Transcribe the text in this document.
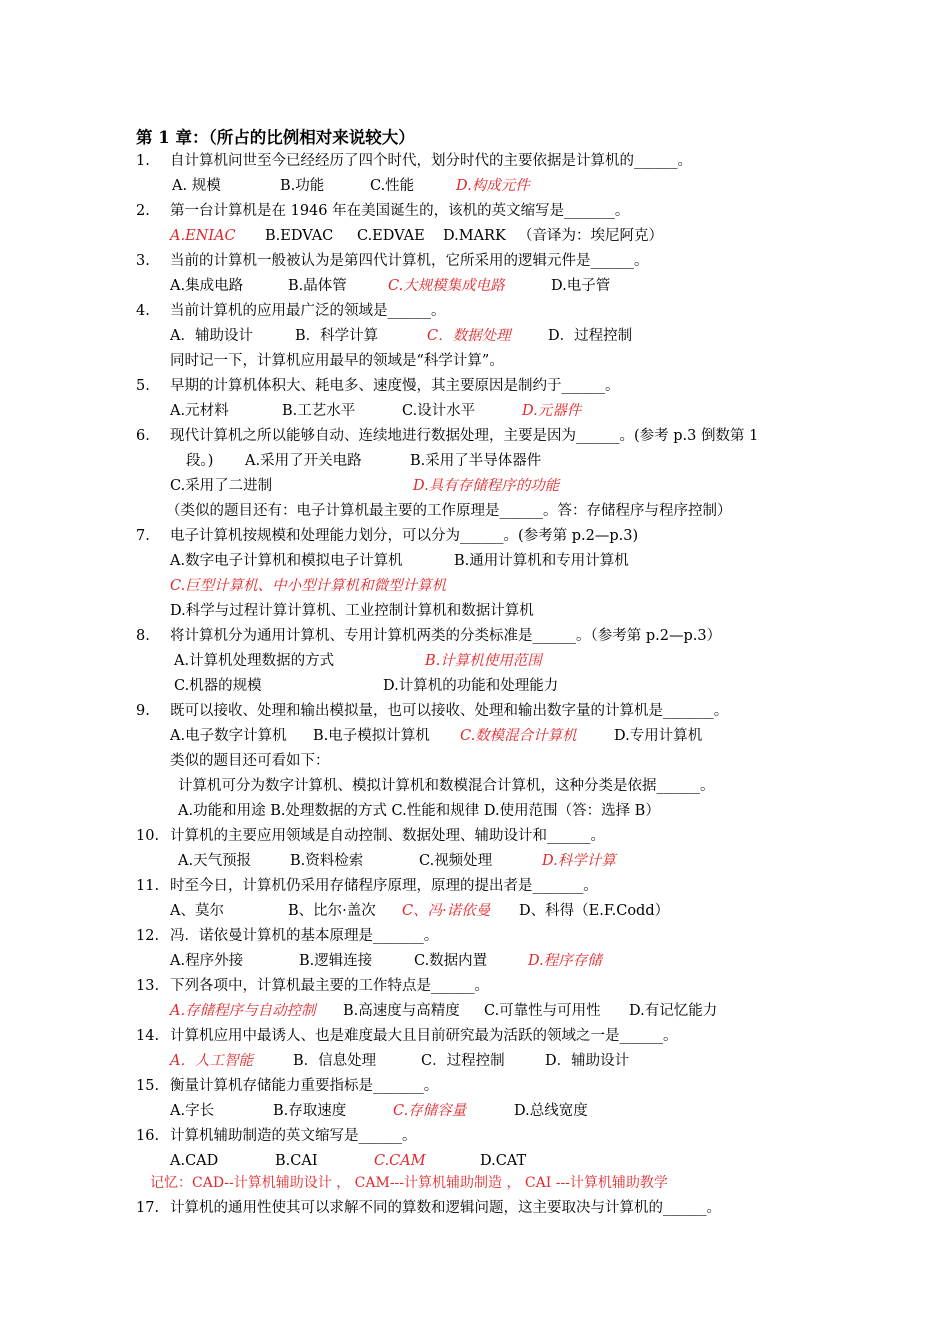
第 1 章：（所占的比例相对来说较大）
1. 自计算机问世至今已经经历了四个时代，划分时代的主要依据是计算机的______。
A. 规模	B.功能	C.性能	D.构成元件
2. 第一台计算机是在 1946 年在美国诞生的，该机的英文缩写是_______。
A.ENIAC B.EDVAC C.EDVAE D.MARK （音译为：埃尼阿克）
3. 当前的计算机一般被认为是第四代计算机，它所采用的逻辑元件是______。
A.集成电路	B.晶体管	C.大规模集成电路	D.电子管
4. 当前计算机的应用最广泛的领域是______。
A．辅助设计	B．科学计算	C．数据处理	D．过程控制
同时记一下，计算机应用最早的领域是“科学计算”。
5. 早期的计算机体积大、耗电多、速度慢，其主要原因是制约于______。
A.元材料	B.工艺水平	C.设计水平	D.元器件
6. 现代计算机之所以能够自动、连续地进行数据处理，主要是因为______。(参考 p.3 倒数第 1
段。) A.采用了开关电路	B.采用了半导体器件
C.采用了二进制	D.具有存储程序的功能
（类似的题目还有：电子计算机最主要的工作原理是______。答：存储程序与程序控制）
7. 电子计算机按规模和处理能力划分，可以分为______。(参考第 p.2—p.3)
A.数字电子计算机和模拟电子计算机	B.通用计算机和专用计算机
C.巨型计算机、中小型计算机和微型计算机
D.科学与过程计算计算机、工业控制计算机和数据计算机
8. 将计算机分为通用计算机、专用计算机两类的分类标准是______。（参考第 p.2—p.3）
A.计算机处理数据的方式	B.计算机使用范围
C.机器的规模	D.计算机的功能和处理能力
9. 既可以接收、处理和输出模拟量，也可以接收、处理和输出数字量的计算机是_______。
A.电子数字计算机 B.电子模拟计算机 C.数模混合计算机	D.专用计算机
类似的题目还可看如下：
计算机可分为数字计算机、模拟计算机和数模混合计算机，这种分类是依据______。
A.功能和用途 B.处理数据的方式 C.性能和规律 D.使用范围（答：选择 B）
10. 计算机的主要应用领域是自动控制、数据处理、辅助设计和______。
A.天气预报	B.资料检索	C.视频处理	D.科学计算
11. 时至今日，计算机仍采用存储程序原理，原理的提出者是_______。
A、莫尔	B、比尔·盖次 C、冯·诺依曼 D、科得（E.F.Codd）
12. 冯．诺依曼计算机的基本原理是_______。
A.程序外接	B.逻辑连接	C.数据内置	D.程序存储
13. 下列各项中，计算机最主要的工作特点是______。
A.存储程序与自动控制 B.高速度与高精度 C.可靠性与可用性 D.有记忆能力
14. 计算机应用中最诱人、也是难度最大且目前研究最为活跃的领域之一是______。
A．人工智能	B．信息处理	C．过程控制	D．辅助设计
15. 衡量计算机存储能力重要指标是_______。
A.字长	B.存取速度	C.存储容量	D.总线宽度
16. 计算机辅助制造的英文缩写是______。
A.CAD	B.CAI	C.CAM	D.CAT
记忆：CAD--计算机辅助设计 ， CAM---计算机辅助制造 ， CAI ---计算机辅助教学
17. 计算机的通用性使其可以求解不同的算数和逻辑问题，这主要取决与计算机的______。
